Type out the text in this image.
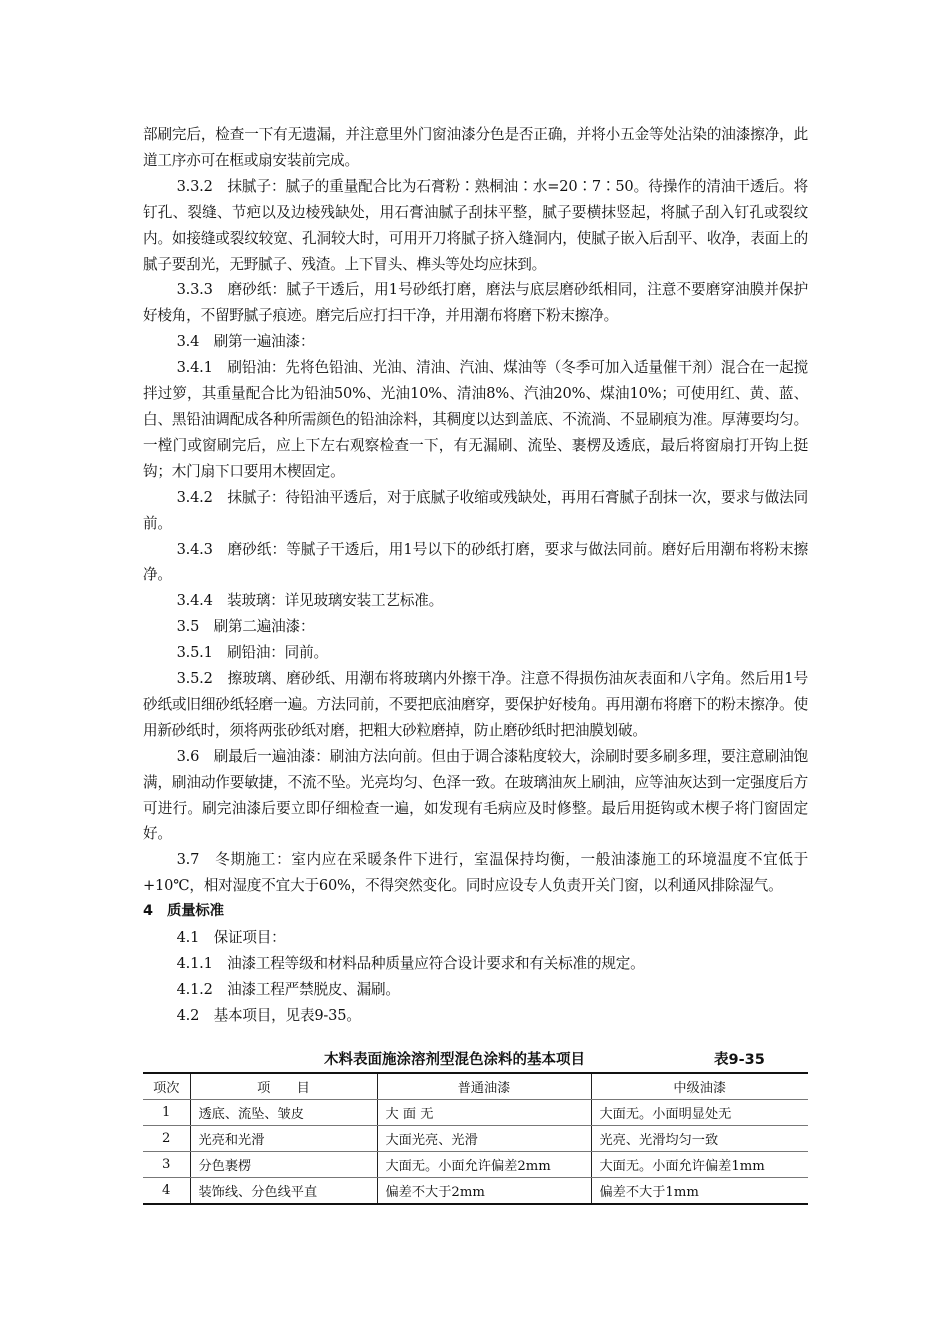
部刷完后，检查一下有无遗漏，并注意里外门窗油漆分色是否正确，并将小五金等处沾染的油漆擦净，此道工序亦可在框或扇安装前完成。

3.3.2　抹腻子：腻子的重量配合比为石膏粉∶熟桐油∶水=20∶7∶50。待操作的清油干透后。将钉孔、裂缝、节疤以及边棱残缺处，用石膏油腻子刮抹平整，腻子要横抹竖起，将腻子刮入钉孔或裂纹内。如接缝或裂纹较宽、孔洞较大时，可用开刀将腻子挤入缝洞内，使腻子嵌入后刮平、收净，表面上的腻子要刮光，无野腻子、残渣。上下冒头、榫头等处均应抹到。

3.3.3　磨砂纸：腻子干透后，用1号砂纸打磨，磨法与底层磨砂纸相同，注意不要磨穿油膜并保护好棱角，不留野腻子痕迹。磨完后应打扫干净，并用潮布将磨下粉末擦净。

3.4　刷第一遍油漆：

3.4.1　刷铅油：先将色铅油、光油、清油、汽油、煤油等（冬季可加入适量催干剂）混合在一起搅拌过箩，其重量配合比为铅油50%、光油10%、清油8%、汽油20%、煤油10%；可使用红、黄、蓝、白、黑铅油调配成各种所需颜色的铅油涂料，其稠度以达到盖底、不流淌、不显刷痕为准。厚薄要均匀。一樘门或窗刷完后，应上下左右观察检查一下，有无漏刷、流坠、裹楞及透底，最后将窗扇打开钩上挺钩；木门扇下口要用木楔固定。

3.4.2　抹腻子：待铅油平透后，对于底腻子收缩或残缺处，再用石膏腻子刮抹一次，要求与做法同前。

3.4.3　磨砂纸：等腻子干透后，用1号以下的砂纸打磨，要求与做法同前。磨好后用潮布将粉末擦净。

3.4.4　装玻璃：详见玻璃安装工艺标准。

3.5　刷第二遍油漆：

3.5.1　刷铅油：同前。

3.5.2　擦玻璃、磨砂纸、用潮布将玻璃内外擦干净。注意不得损伤油灰表面和八字角。然后用1号砂纸或旧细砂纸轻磨一遍。方法同前，不要把底油磨穿，要保护好棱角。再用潮布将磨下的粉末擦净。使用新砂纸时，须将两张砂纸对磨，把粗大砂粒磨掉，防止磨砂纸时把油膜划破。

3.6　刷最后一遍油漆：刷油方法向前。但由于调合漆粘度较大，涂刷时要多刷多理，要注意刷油饱满，刷油动作要敏捷，不流不坠。光亮均匀、色泽一致。在玻璃油灰上刷油，应等油灰达到一定强度后方可进行。刷完油漆后要立即仔细检查一遍，如发现有毛病应及时修整。最后用挺钩或木楔子将门窗固定好。

3.7　冬期施工：室内应在采暖条件下进行，室温保持均衡，一般油漆施工的环境温度不宜低于+10℃，相对湿度不宜大于60%，不得突然变化。同时应设专人负责开关门窗，以利通风排除湿气。

4　质量标准

4.1　保证项目：

4.1.1　油漆工程等级和材料品种质量应符合设计要求和有关标准的规定。

4.1.2　油漆工程严禁脱皮、漏刷。

4.2　基本项目，见表9-35。

木料表面施涂溶剂型混色涂料的基本项目	表9-35
项次	项　　目	普通油漆	中级油漆
1	透底、流坠、皱皮	大 面 无	大面无。小面明显处无
2	光亮和光滑	大面光亮、光滑	光亮、光滑均匀一致
3	分色裹楞	大面无。小面允许偏差2mm	大面无。小面允许偏差1mm
4	装饰线、分色线平直	偏差不大于2mm	偏差不大于1mm
